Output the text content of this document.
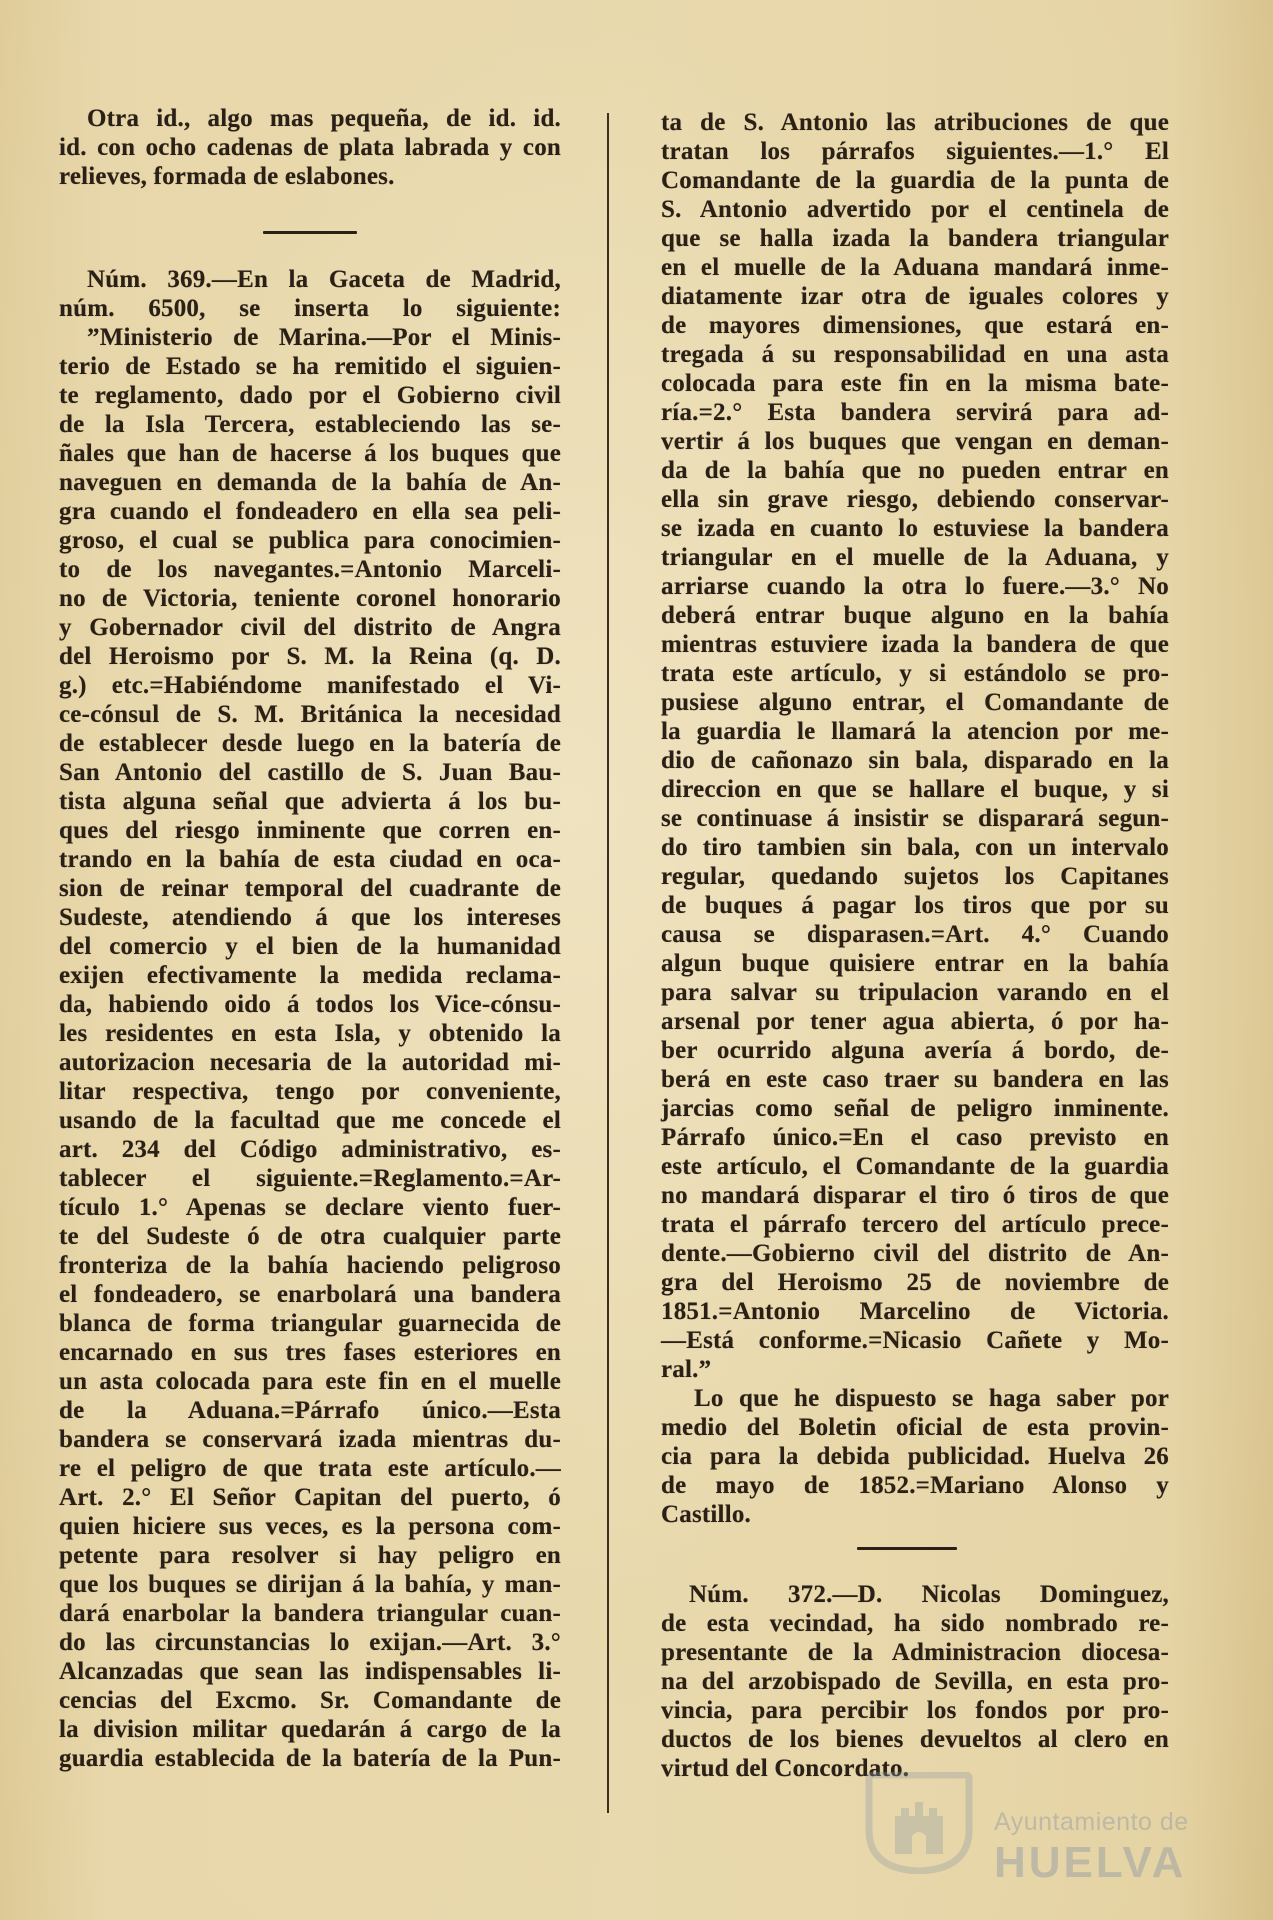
Otra id., algo mas pequeña, de id. id.
id. con ocho cadenas de plata labrada y con
relieves, formada de eslabones.
Núm. 369.—En la Gaceta de Madrid,
núm. 6500, se inserta lo siguiente:
”Ministerio de Marina.—Por el Minis-
terio de Estado se ha remitido el siguien-
te reglamento, dado por el Gobierno civil
de la Isla Tercera, estableciendo las se-
ñales que han de hacerse á los buques que
naveguen en demanda de la bahía de An-
gra cuando el fondeadero en ella sea peli-
groso, el cual se publica para conocimien-
to de los navegantes.=Antonio Marceli-
no de Victoria, teniente coronel honorario
y Gobernador civil del distrito de Angra
del Heroismo por S. M. la Reina (q. D.
g.) etc.=Habiéndome manifestado el Vi-
ce-cónsul de S. M. Británica la necesidad
de establecer desde luego en la batería de
San Antonio del castillo de S. Juan Bau-
tista alguna señal que advierta á los bu-
ques del riesgo inminente que corren en-
trando en la bahía de esta ciudad en oca-
sion de reinar temporal del cuadrante de
Sudeste, atendiendo á que los intereses
del comercio y el bien de la humanidad
exijen efectivamente la medida reclama-
da, habiendo oido á todos los Vice-cónsu-
les residentes en esta Isla, y obtenido la
autorizacion necesaria de la autoridad mi-
litar respectiva, tengo por conveniente,
usando de la facultad que me concede el
art. 234 del Código administrativo, es-
tablecer el siguiente.=Reglamento.=Ar-
tículo 1.° Apenas se declare viento fuer-
te del Sudeste ó de otra cualquier parte
fronteriza de la bahía haciendo peligroso
el fondeadero, se enarbolará una bandera
blanca de forma triangular guarnecida de
encarnado en sus tres fases esteriores en
un asta colocada para este fin en el muelle
de la Aduana.=Párrafo único.—Esta
bandera se conservará izada mientras du-
re el peligro de que trata este artículo.—
Art. 2.° El Señor Capitan del puerto, ó
quien hiciere sus veces, es la persona com-
petente para resolver si hay peligro en
que los buques se dirijan á la bahía, y man-
dará enarbolar la bandera triangular cuan-
do las circunstancias lo exijan.—Art. 3.°
Alcanzadas que sean las indispensables li-
cencias del Excmo. Sr. Comandante de
la division militar quedarán á cargo de la
guardia establecida de la batería de la Pun-
ta de S. Antonio las atribuciones de que
tratan los párrafos siguientes.—1.° El
Comandante de la guardia de la punta de
S. Antonio advertido por el centinela de
que se halla izada la bandera triangular
en el muelle de la Aduana mandará inme-
diatamente izar otra de iguales colores y
de mayores dimensiones, que estará en-
tregada á su responsabilidad en una asta
colocada para este fin en la misma bate-
ría.=2.° Esta bandera servirá para ad-
vertir á los buques que vengan en deman-
da de la bahía que no pueden entrar en
ella sin grave riesgo, debiendo conservar-
se izada en cuanto lo estuviese la bandera
triangular en el muelle de la Aduana, y
arriarse cuando la otra lo fuere.—3.° No
deberá entrar buque alguno en la bahía
mientras estuviere izada la bandera de que
trata este artículo, y si estándolo se pro-
pusiese alguno entrar, el Comandante de
la guardia le llamará la atencion por me-
dio de cañonazo sin bala, disparado en la
direccion en que se hallare el buque, y si
se continuase á insistir se disparará segun-
do tiro tambien sin bala, con un intervalo
regular, quedando sujetos los Capitanes
de buques á pagar los tiros que por su
causa se disparasen.=Art. 4.° Cuando
algun buque quisiere entrar en la bahía
para salvar su tripulacion varando en el
arsenal por tener agua abierta, ó por ha-
ber ocurrido alguna avería á bordo, de-
berá en este caso traer su bandera en las
jarcias como señal de peligro inminente.
Párrafo único.=En el caso previsto en
este artículo, el Comandante de la guardia
no mandará disparar el tiro ó tiros de que
trata el párrafo tercero del artículo prece-
dente.—Gobierno civil del distrito de An-
gra del Heroismo 25 de noviembre de
1851.=Antonio Marcelino de Victoria.
—Está conforme.=Nicasio Cañete y Mo-
ral.”
Lo que he dispuesto se haga saber por
medio del Boletin oficial de esta provin-
cia para la debida publicidad. Huelva 26
de mayo de 1852.=Mariano Alonso y
Castillo.
Núm. 372.—D. Nicolas Dominguez,
de esta vecindad, ha sido nombrado re-
presentante de la Administracion diocesa-
na del arzobispado de Sevilla, en esta pro-
vincia, para percibir los fondos por pro-
ductos de los bienes devueltos al clero en
virtud del Concordato.
Ayuntamiento de
HUELVA
